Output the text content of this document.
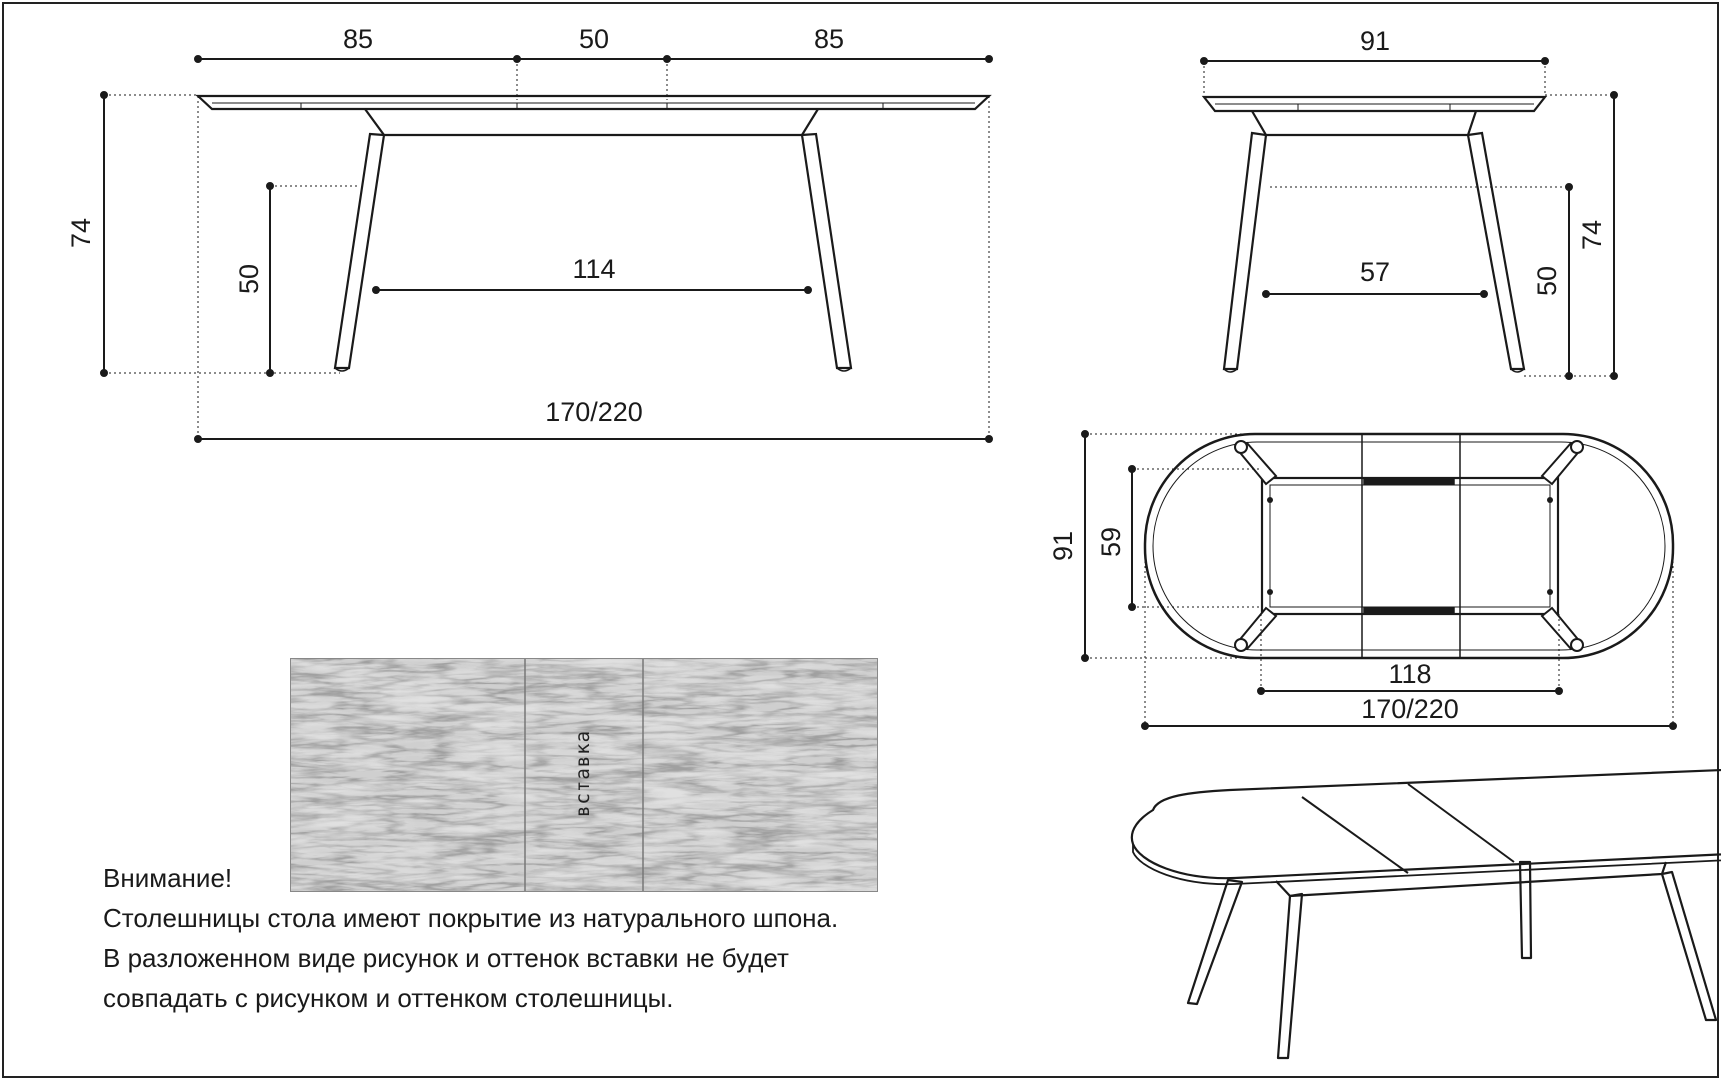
вставка
85	50	85
74
50	114
170/220
91
74
50
57
91 59
118
170/220
Внимание!
Столешницы стола имеют покрытие из натурального шпона.
В разложенном виде рисунок и оттенок вставки не будет
совпадать с рисунком и оттенком столешницы.
